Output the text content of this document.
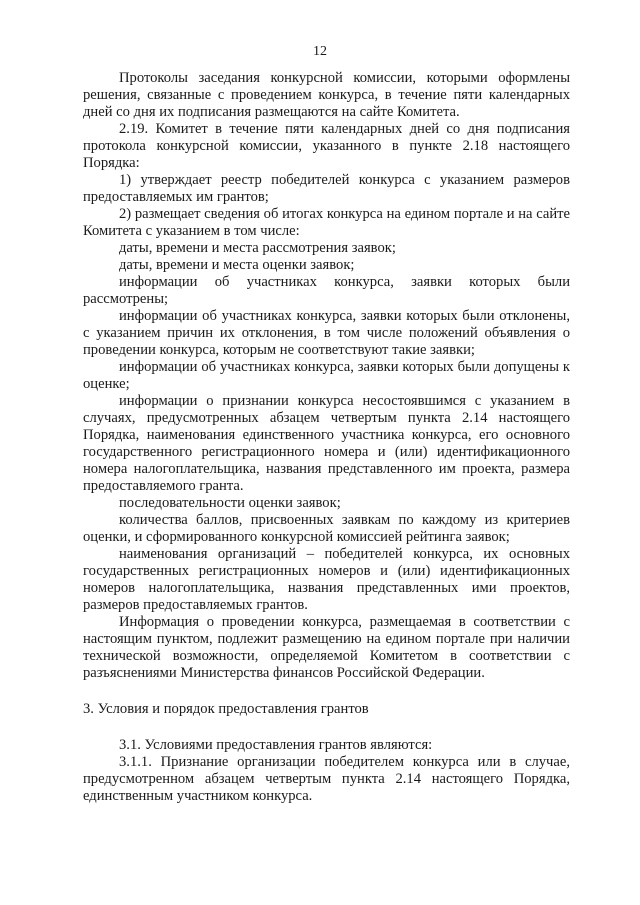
12

Протоколы заседания конкурсной комиссии, которыми оформлены решения, связанные с проведением конкурса, в течение пяти календарных дней со дня их подписания размещаются на сайте Комитета.

2.19. Комитет в течение пяти календарных дней со дня подписания протокола конкурсной комиссии, указанного в пункте 2.18 настоящего Порядка:

1) утверждает реестр победителей конкурса с указанием размеров предоставляемых им грантов;

2) размещает сведения об итогах конкурса на едином портале и на сайте Комитета с указанием в том числе:

даты, времени и места рассмотрения заявок;

даты, времени и места оценки заявок;

информации об участниках конкурса, заявки которых были рассмотрены;

информации об участниках конкурса, заявки которых были отклонены, с указанием причин их отклонения, в том числе положений объявления о проведении конкурса, которым не соответствуют такие заявки;

информации об участниках конкурса, заявки которых были допущены к оценке;

информации о признании конкурса несостоявшимся с указанием в случаях, предусмотренных абзацем четвертым пункта 2.14 настоящего Порядка, наименования единственного участника конкурса, его основного государственного регистрационного номера и (или) идентификационного номера налогоплательщика, названия представленного им проекта, размера предоставляемого гранта.

последовательности оценки заявок;

количества баллов, присвоенных заявкам по каждому из критериев оценки, и сформированного конкурсной комиссией рейтинга заявок;

наименования организаций – победителей конкурса, их основных государственных регистрационных номеров и (или) идентификационных номеров налогоплательщика, названия представленных ими проектов, размеров предоставляемых грантов.

Информация о проведении конкурса, размещаемая в соответствии с настоящим пунктом, подлежит размещению на едином портале при наличии технической возможности, определяемой Комитетом в соответствии с разъяснениями Министерства финансов Российской Федерации.

3. Условия и порядок предоставления грантов

3.1. Условиями предоставления грантов являются:

3.1.1. Признание организации победителем конкурса или в случае, предусмотренном абзацем четвертым пункта 2.14 настоящего Порядка, единственным участником конкурса.
